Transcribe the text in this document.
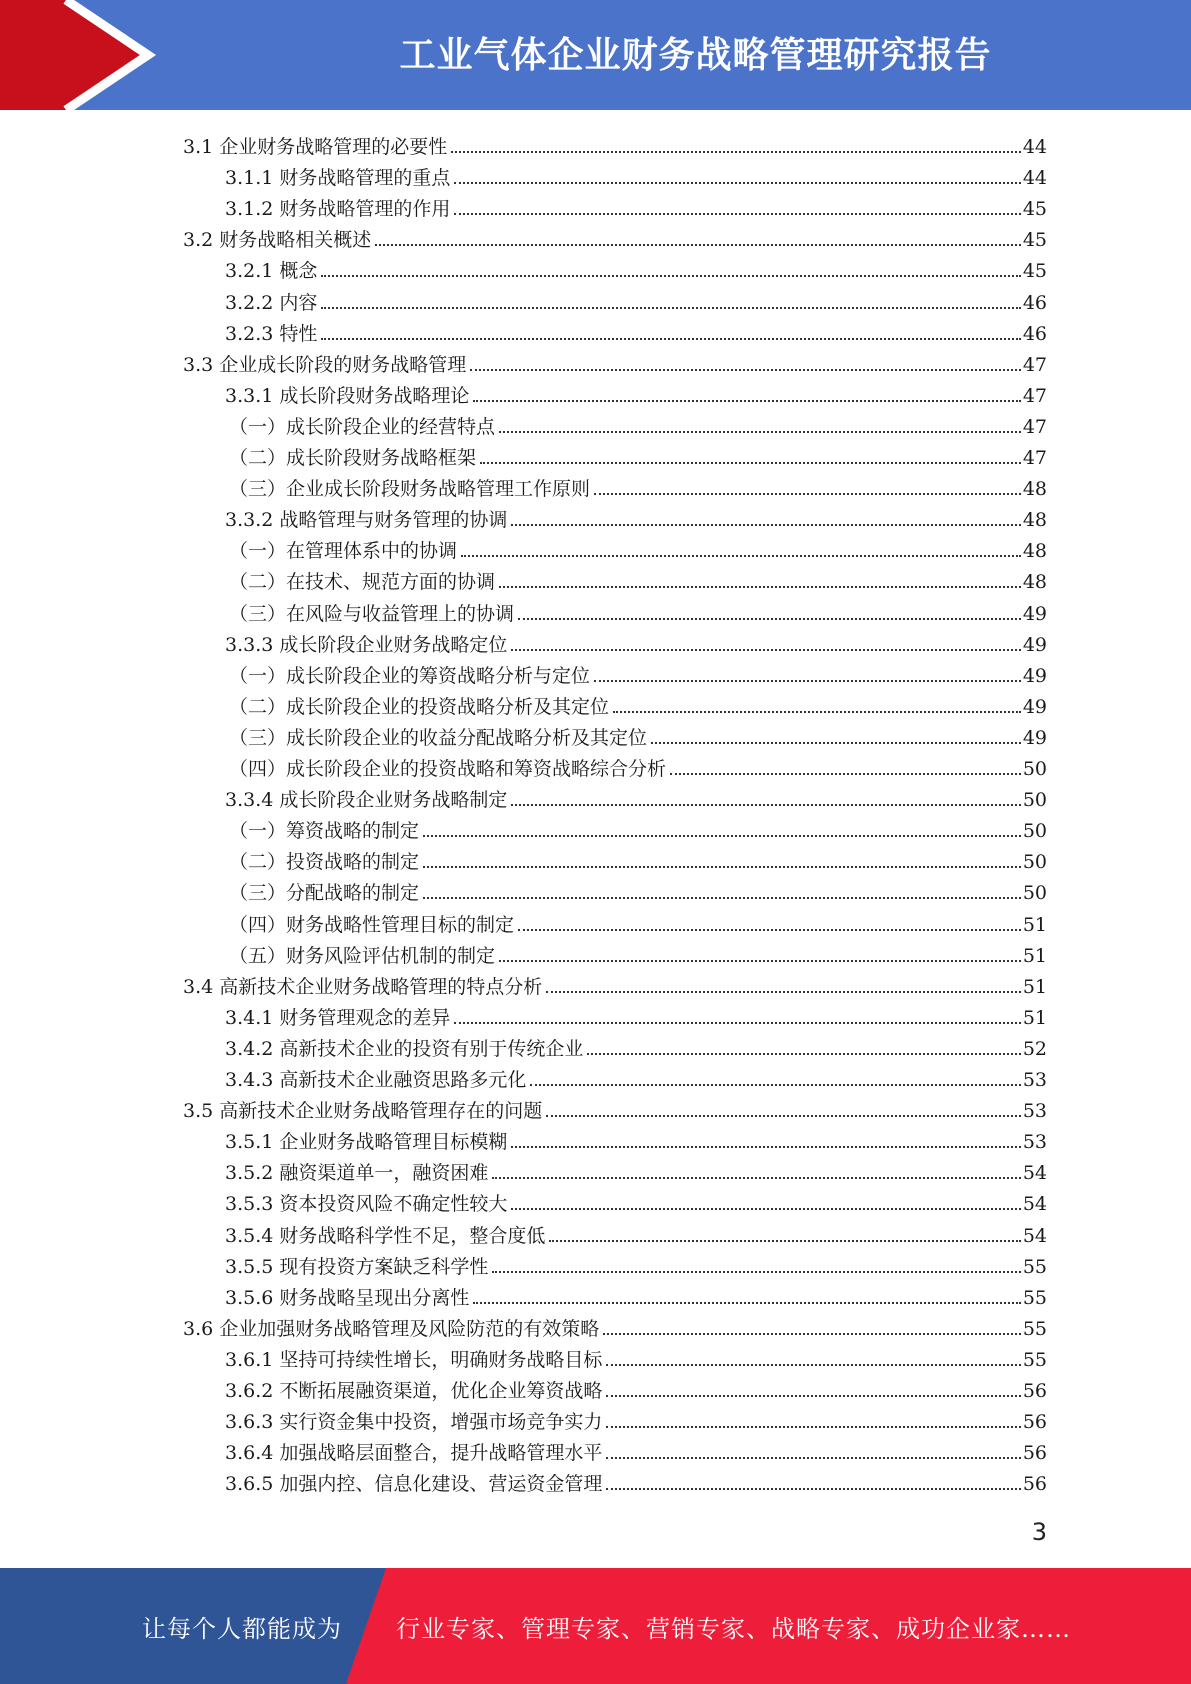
工业气体企业财务战略管理研究报告
3.1 企业财务战略管理的必要性	44
3.1.1 财务战略管理的重点	44
3.1.2 财务战略管理的作用	45
3.2 财务战略相关概述	45
3.2.1 概念	45
3.2.2 内容	46
3.2.3 特性	46
3.3 企业成长阶段的财务战略管理	47
3.3.1 成长阶段财务战略理论	47
（一）成长阶段企业的经营特点	47
（二）成长阶段财务战略框架	47
（三）企业成长阶段财务战略管理工作原则	48
3.3.2 战略管理与财务管理的协调	48
（一）在管理体系中的协调	48
（二）在技术、规范方面的协调	48
（三）在风险与收益管理上的协调	49
3.3.3 成长阶段企业财务战略定位	49
（一）成长阶段企业的筹资战略分析与定位	49
（二）成长阶段企业的投资战略分析及其定位	49
（三）成长阶段企业的收益分配战略分析及其定位	49
（四）成长阶段企业的投资战略和筹资战略综合分析	50
3.3.4 成长阶段企业财务战略制定	50
（一）筹资战略的制定	50
（二）投资战略的制定	50
（三）分配战略的制定	50
（四）财务战略性管理目标的制定	51
（五）财务风险评估机制的制定	51
3.4 高新技术企业财务战略管理的特点分析	51
3.4.1 财务管理观念的差异	51
3.4.2 高新技术企业的投资有别于传统企业	52
3.4.3 高新技术企业融资思路多元化	53
3.5 高新技术企业财务战略管理存在的问题	53
3.5.1 企业财务战略管理目标模糊	53
3.5.2 融资渠道单一，融资困难	54
3.5.3 资本投资风险不确定性较大	54
3.5.4 财务战略科学性不足，整合度低	54
3.5.5 现有投资方案缺乏科学性	55
3.5.6 财务战略呈现出分离性	55
3.6 企业加强财务战略管理及风险防范的有效策略	55
3.6.1 坚持可持续性增长，明确财务战略目标	55
3.6.2 不断拓展融资渠道，优化企业筹资战略	56
3.6.3 实行资金集中投资，增强市场竞争实力	56
3.6.4 加强战略层面整合，提升战略管理水平	56
3.6.5 加强内控、信息化建设、营运资金管理	56
3
让每个人都能成为 行业专家、管理专家、营销专家、战略专家、成功企业家……
